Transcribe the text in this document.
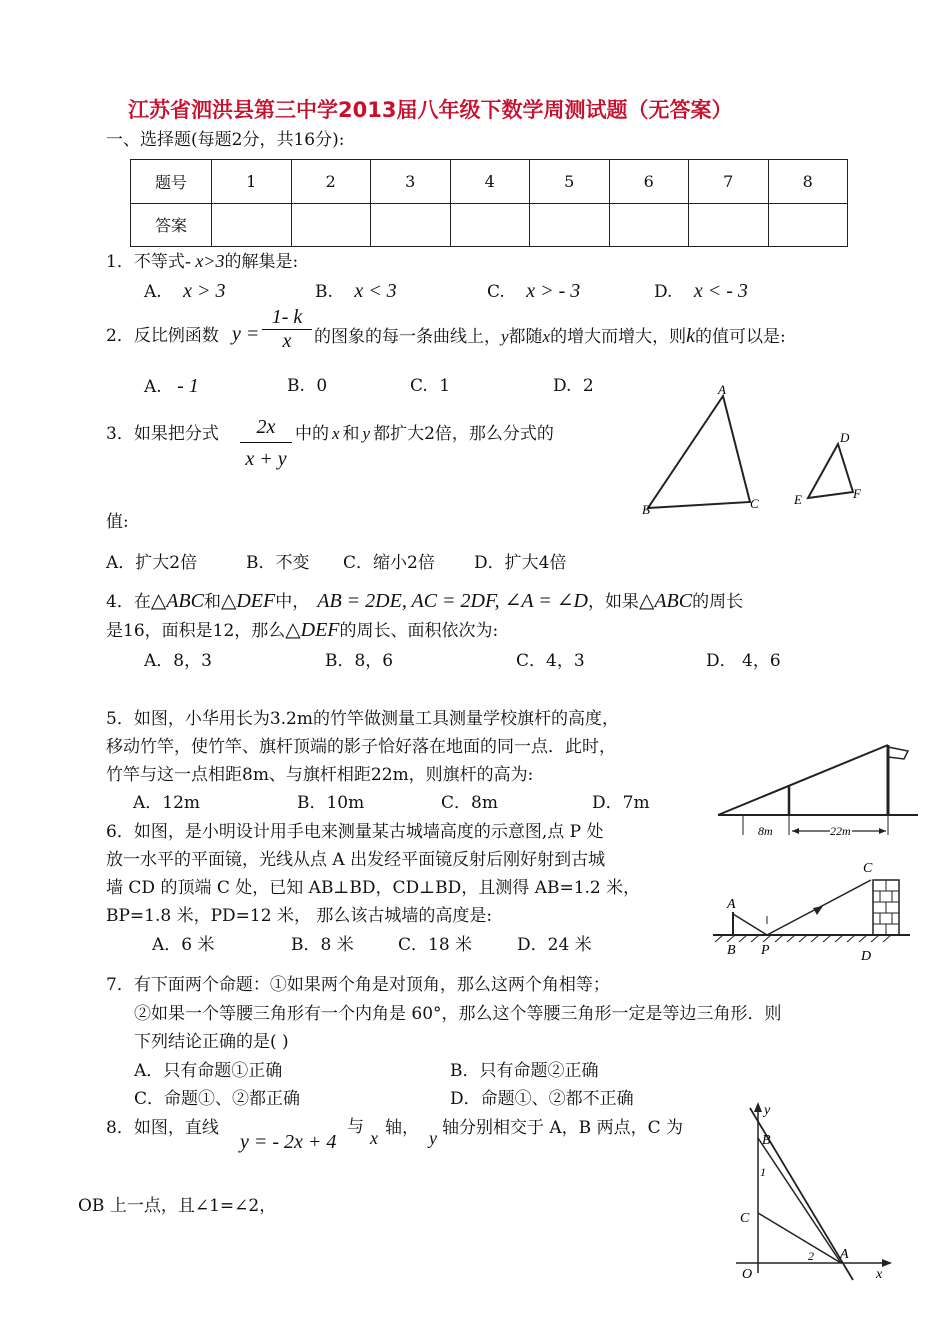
江苏省泗洪县第三中学2013届八年级下数学周测试题（无答案）
一、选择题(每题2分，共16分):
题号	1	2	3	4	5	6	7	8
答案								
1．不等式- x>3的解集是:
A. x > 3	B. x < 3	C. x > - 3	D. x < - 3
2．反比例函数 $y = \frac{1- k}{x}$ 的图象的每一条曲线上，y都随x的增大而增大，则k的值可以是:
A. - 1	B. 0	C. 1	D. 2	A
B	C
D
E	F
3．如果把分式 $\frac{2x}{x + y}$ 中的 x 和 y 都扩大2倍，那么分式的
值:
A．扩大2倍	B．不变 C．缩小2倍 D．扩大4倍
4．在△ABC和△DEF中， AB = 2DE, AC = 2DF, ∠A = ∠D，如果△ABC的周长
是16，面积是12，那么△DEF的周长、面积依次为:
A．8，3	B．8，6	C．4，3	D． 4，6
5．如图，小华用长为3.2m的竹竿做测量工具测量学校旗杆的高度，
移动竹竿，使竹竿、旗杆顶端的影子恰好落在地面的同一点．此时，
竹竿与这一点相距8m、与旗杆相距22m，则旗杆的高为:
A．12m	B．10m	C．8m	D．7m
8m	22m
6．如图，是小明设计用手电来测量某古城墙高度的示意图,点 P 处
放一水平的平面镜，光线从点 A 出发经平面镜反射后刚好射到古城
墙 CD 的顶端 C 处，已知 AB⊥BD，CD⊥BD，且测得 AB=1.2 米，
BP=1.8 米，PD=12 米， 那么该古城墙的高度是:
A．6 米	B．8 米	C．18 米	D．24 米
A
B P
C
D
7．有下面两个命题：①如果两个角是对顶角，那么这两个角相等；
②如果一个等腰三角形有一个内角是 60°，那么这个等腰三角形一定是等边三角形．则
下列结论正确的是( )
A．只有命题①正确	B．只有命题②正确
C．命题①、②都正确	D．命题①、②都不正确
8．如图，直线
y = - 2x + 4
与
x 轴， y 轴分别相交于 A，B 两点，C 为
OB 上一点，且∠1=∠2，
y
x
O
B
C
A
1
2
